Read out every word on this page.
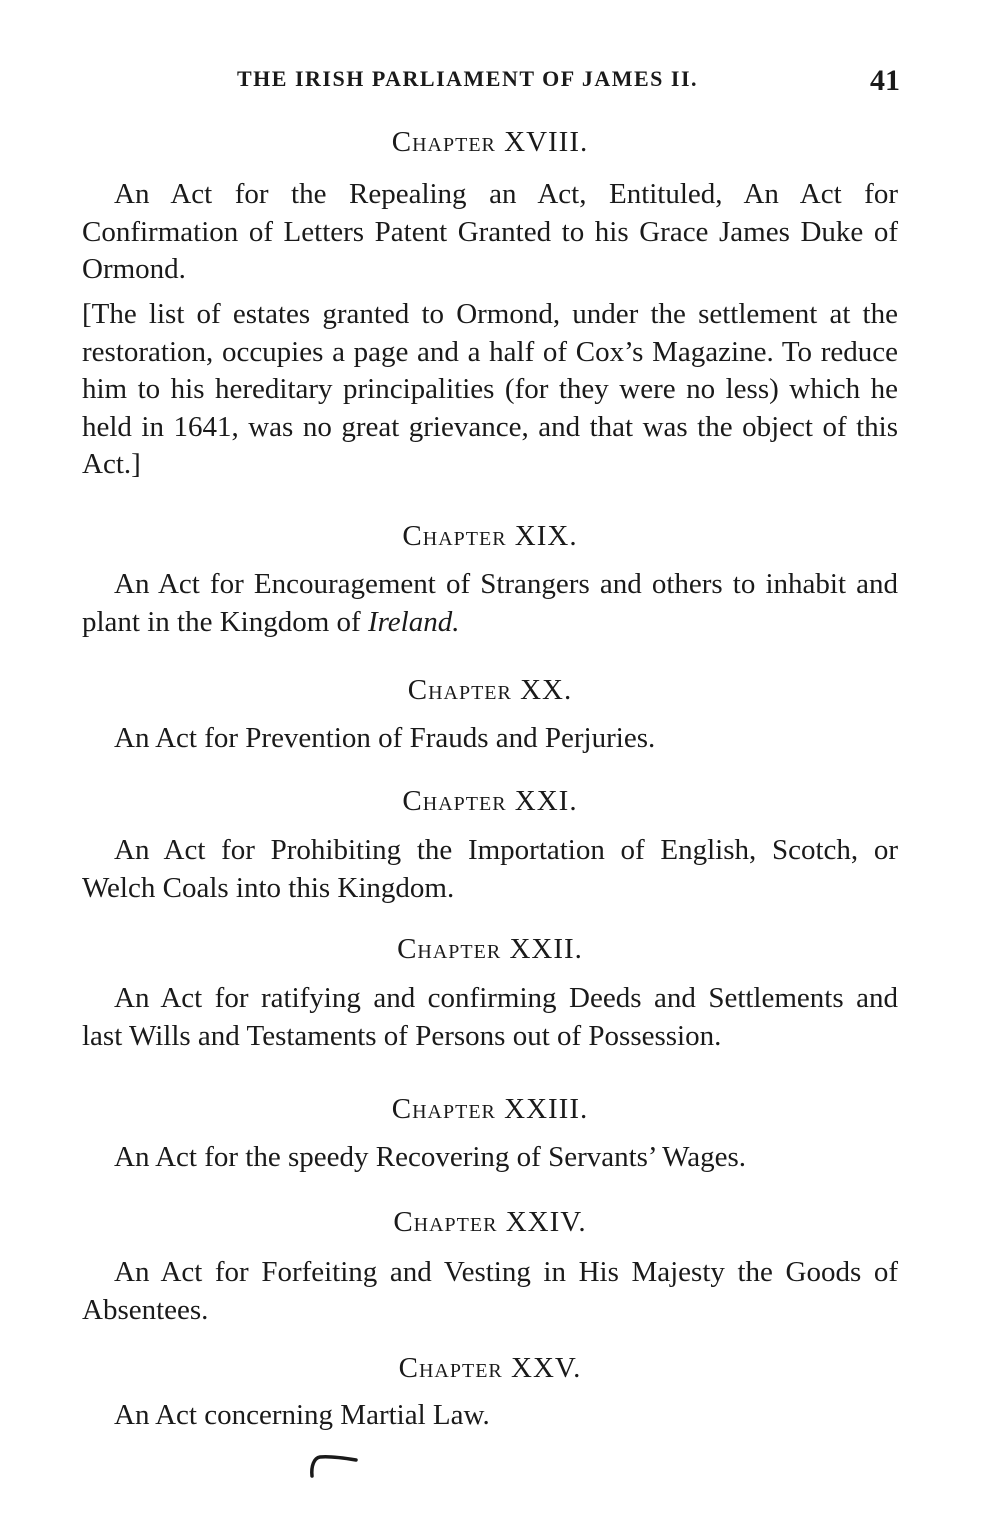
THE IRISH PARLIAMENT OF JAMES II.	41
Chapter XVIII.

An Act for the Repealing an Act, Entituled, An Act for Confirmation of Letters Patent Granted to his Grace James Duke of Ormond.

[The list of estates granted to Ormond, under the settlement at the restoration, occupies a page and a half of Cox’s Magazine. To reduce him to his hereditary principalities (for they were no less) which he held in 1641, was no great grievance, and that was the object of this Act.]

Chapter XIX.

An Act for Encouragement of Strangers and others to inhabit and plant in the Kingdom of Ireland.

Chapter XX.

An Act for Prevention of Frauds and Perjuries.

Chapter XXI.

An Act for Prohibiting the Importation of English, Scotch, or Welch Coals into this Kingdom.

Chapter XXII.

An Act for ratifying and confirming Deeds and Settlements and last Wills and Testaments of Persons out of Possession.

Chapter XXIII.

An Act for the speedy Recovering of Servants’ Wages.

Chapter XXIV.

An Act for Forfeiting and Vesting in His Majesty the Goods of Absentees.

Chapter XXV.

An Act concerning Martial Law.
